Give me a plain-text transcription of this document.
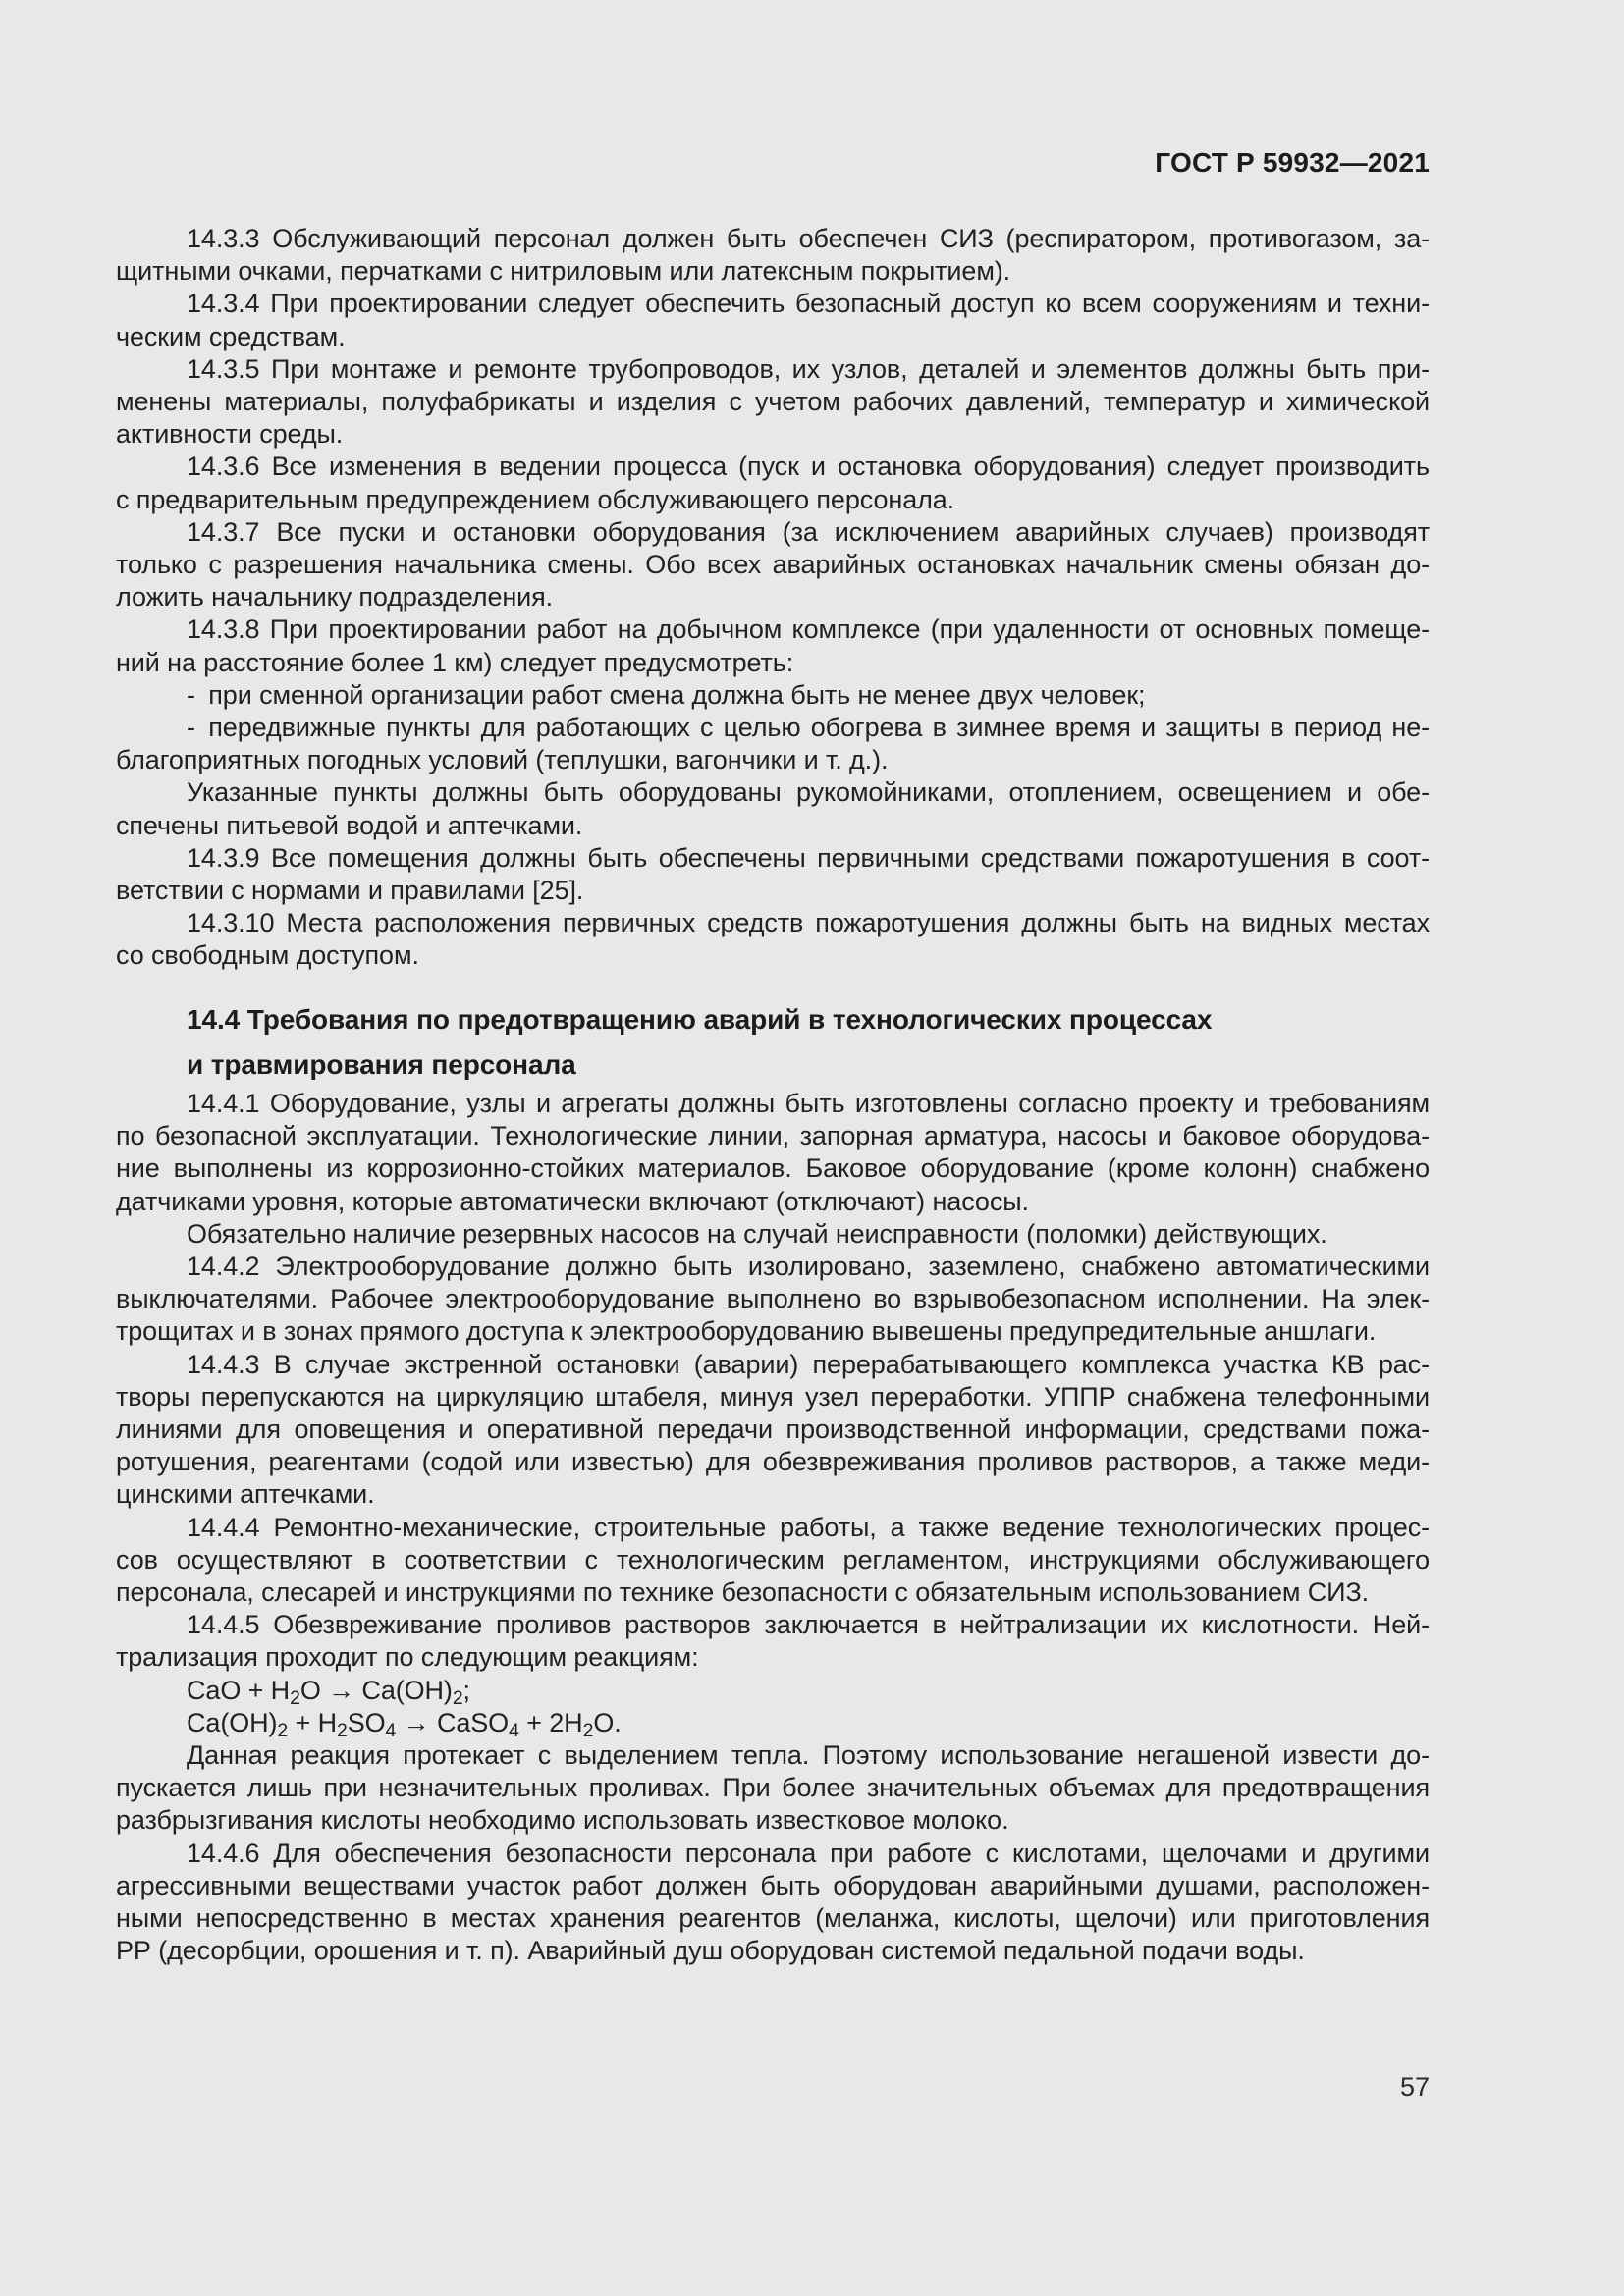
ГОСТ Р 59932—2021
14.3.3 Обслуживающий персонал должен быть обеспечен СИЗ (респиратором, противогазом, за-
щитными очками, перчатками с нитриловым или латексным покрытием).
14.3.4 При проектировании следует обеспечить безопасный доступ ко всем сооружениям и техни-
ческим средствам.
14.3.5 При монтаже и ремонте трубопроводов, их узлов, деталей и элементов должны быть при-
менены материалы, полуфабрикаты и изделия с учетом рабочих давлений, температур и химической
активности среды.
14.3.6 Все изменения в ведении процесса (пуск и остановка оборудования) следует производить
с предварительным предупреждением обслуживающего персонала.
14.3.7 Все пуски и остановки оборудования (за исключением аварийных случаев) производят
только с разрешения начальника смены. Обо всех аварийных остановках начальник смены обязан до-
ложить начальнику подразделения.
14.3.8 При проектировании работ на добычном комплексе (при удаленности от основных помеще-
ний на расстояние более 1 км) следует предусмотреть:
- при сменной организации работ смена должна быть не менее двух человек;
- передвижные пункты для работающих с целью обогрева в зимнее время и защиты в период не-
благоприятных погодных условий (теплушки, вагончики и т. д.).
Указанные пункты должны быть оборудованы рукомойниками, отоплением, освещением и обе-
спечены питьевой водой и аптечками.
14.3.9 Все помещения должны быть обеспечены первичными средствами пожаротушения в соот-
ветствии с нормами и правилами [25].
14.3.10 Места расположения первичных средств пожаротушения должны быть на видных местах
со свободным доступом.
14.4 Требования по предотвращению аварий в технологических процессах
и травмирования персонала
14.4.1 Оборудование, узлы и агрегаты должны быть изготовлены согласно проекту и требованиям
по безопасной эксплуатации. Технологические линии, запорная арматура, насосы и баковое оборудова-
ние выполнены из коррозионно-стойких материалов. Баковое оборудование (кроме колонн) снабжено
датчиками уровня, которые автоматически включают (отключают) насосы.
Обязательно наличие резервных насосов на случай неисправности (поломки) действующих.
14.4.2 Электрооборудование должно быть изолировано, заземлено, снабжено автоматическими
выключателями. Рабочее электрооборудование выполнено во взрывобезопасном исполнении. На элек-
трощитах и в зонах прямого доступа к электрооборудованию вывешены предупредительные аншлаги.
14.4.3 В случае экстренной остановки (аварии) перерабатывающего комплекса участка КВ рас-
творы перепускаются на циркуляцию штабеля, минуя узел переработки. УППР снабжена телефонными
линиями для оповещения и оперативной передачи производственной информации, средствами пожа-
ротушения, реагентами (содой или известью) для обезвреживания проливов растворов, а также меди-
цинскими аптечками.
14.4.4 Ремонтно-механические, строительные работы, а также ведение технологических процес-
сов осуществляют в соответствии с технологическим регламентом, инструкциями обслуживающего
персонала, слесарей и инструкциями по технике безопасности с обязательным использованием СИЗ.
14.4.5 Обезвреживание проливов растворов заключается в нейтрализации их кислотности. Ней-
трализация проходит по следующим реакциям:
CaO + $H_2O \to Ca(OH)_2$;
$Ca(OH)_2 + H_2SO_4$ → CaSO$_4$ + $2H_2O$.
Данная реакция протекает с выделением тепла. Поэтому использование негашеной извести до-
пускается лишь при незначительных проливах. При более значительных объемах для предотвращения
разбрызгивания кислоты необходимо использовать известковое молоко.
14.4.6 Для обеспечения безопасности персонала при работе с кислотами, щелочами и другими
агрессивными веществами участок работ должен быть оборудован аварийными душами, расположен-
ными непосредственно в местах хранения реагентов (меланжа, кислоты, щелочи) или приготовления
РР (десорбции, орошения и т. п). Аварийный душ оборудован системой педальной подачи воды.
57
